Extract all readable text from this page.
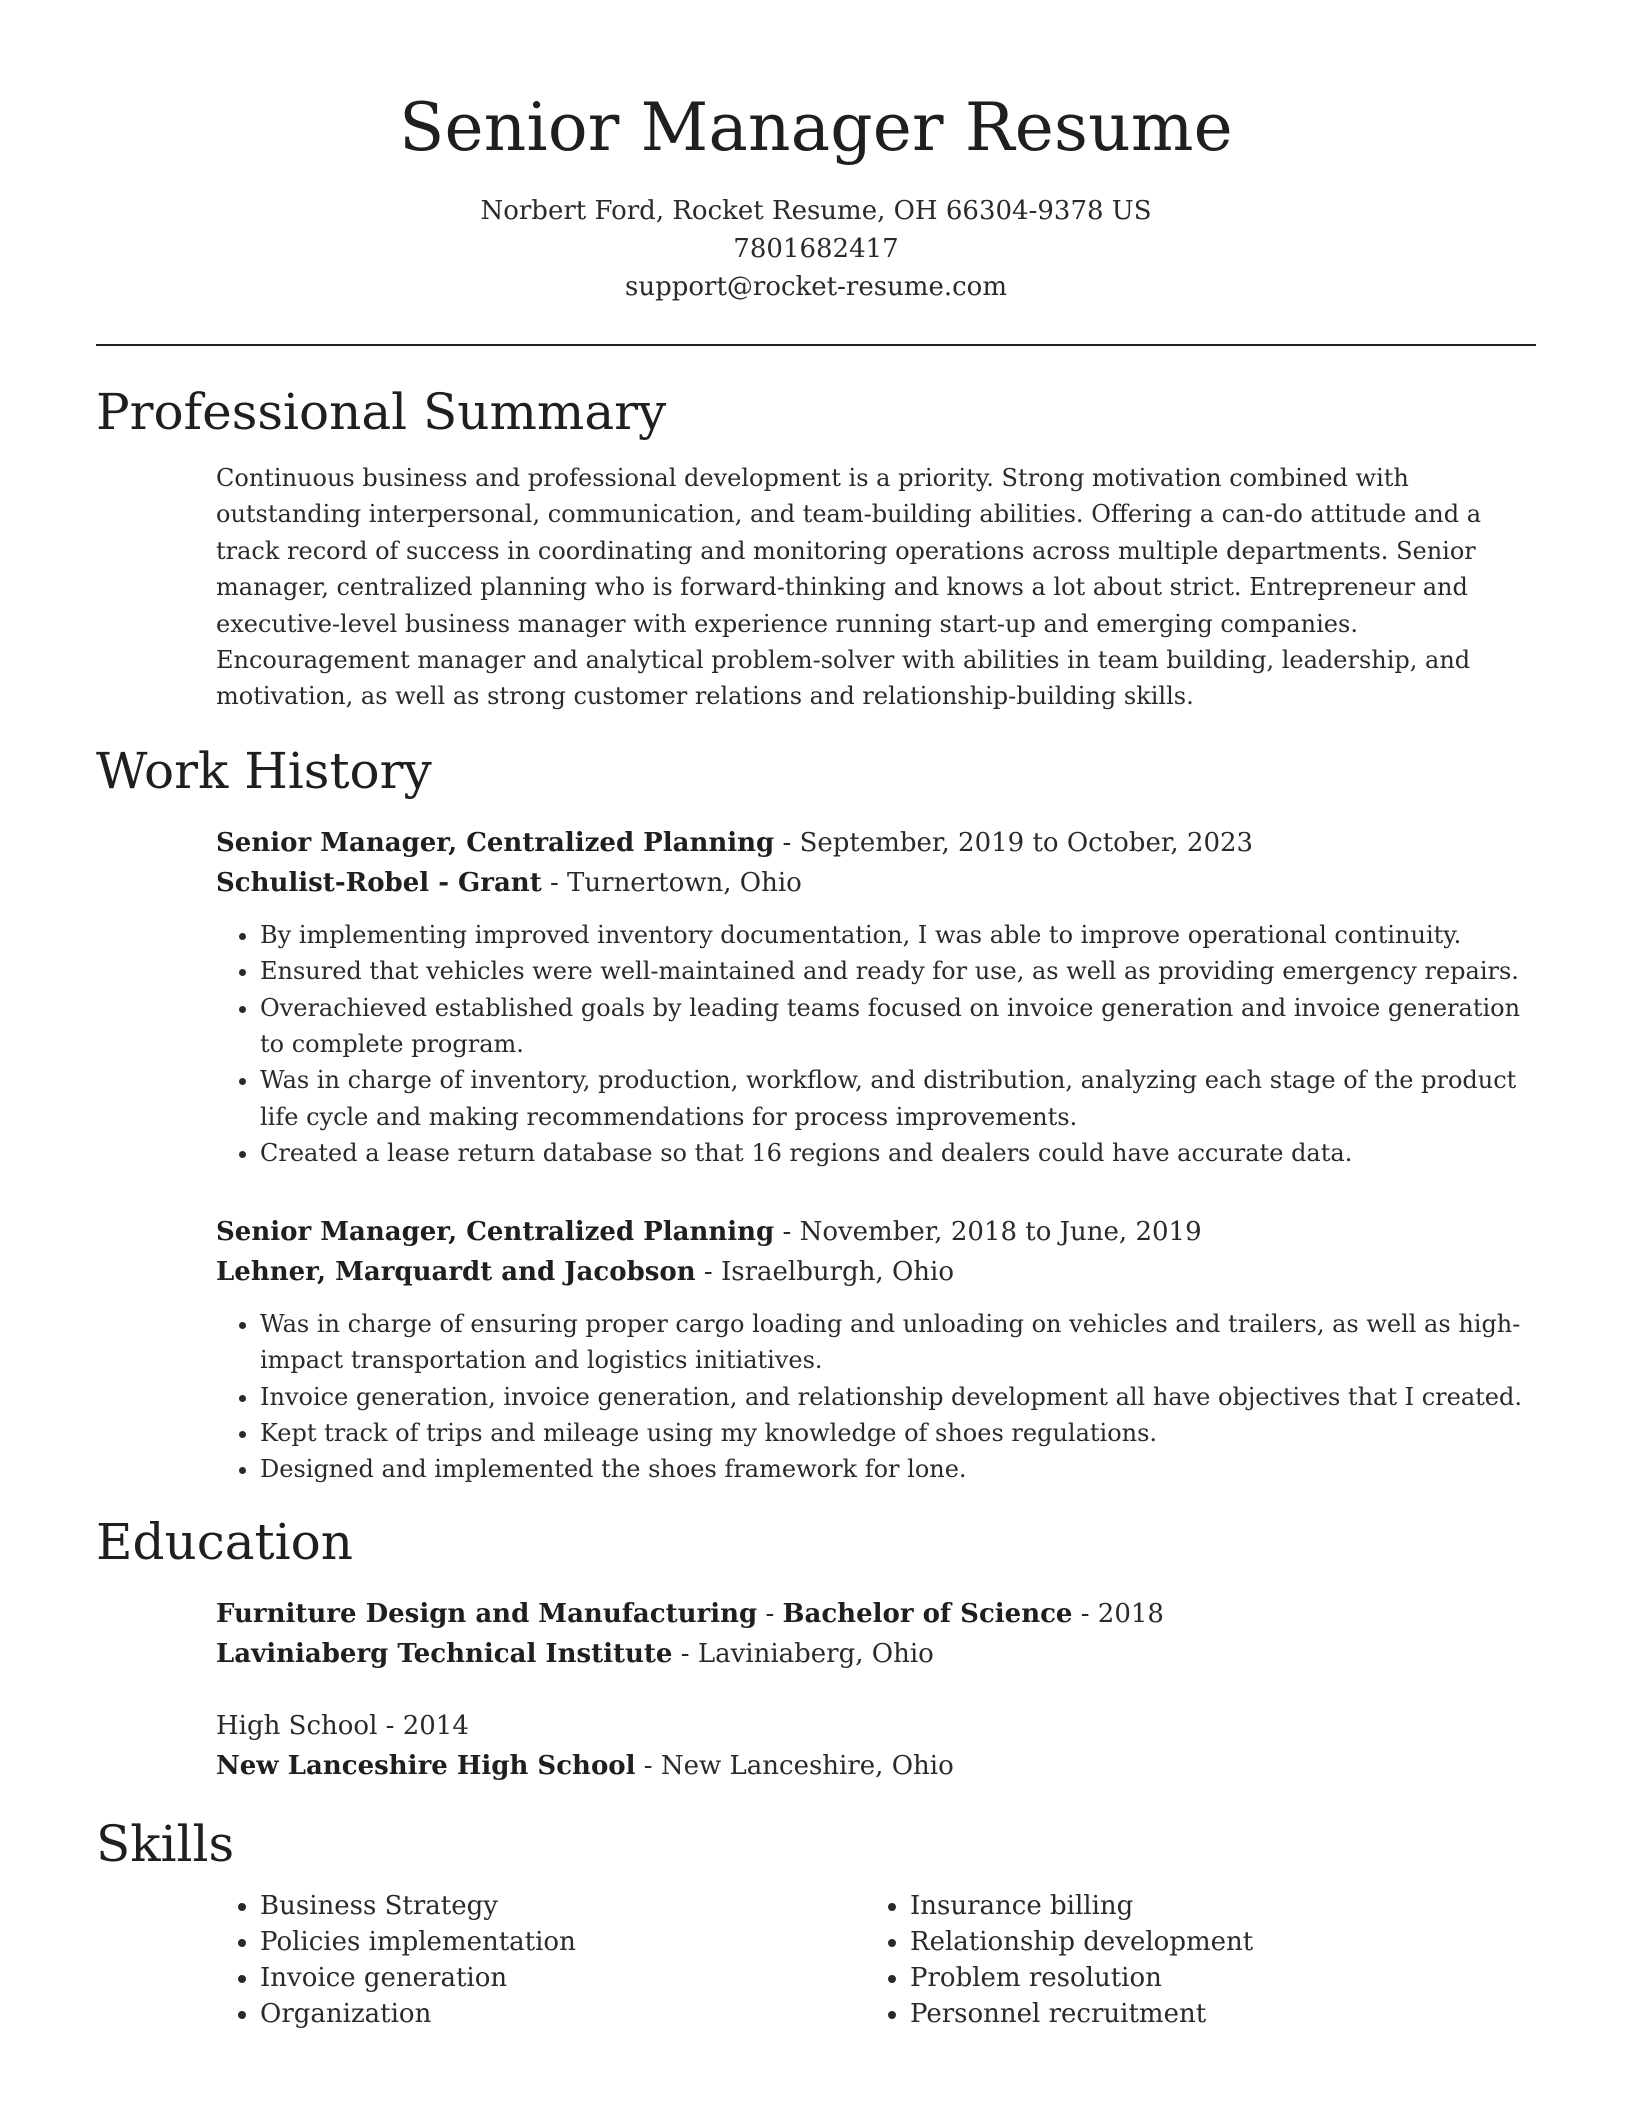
Senior Manager Resume
Norbert Ford, Rocket Resume, OH 66304-9378 US
7801682417
support@rocket-resume.com
Professional Summary

Continuous business and professional development is a priority. Strong motivation combined with outstanding interpersonal, communication, and team-building abilities. Offering a can-do attitude and a track record of success in coordinating and monitoring operations across multiple departments. Senior manager, centralized planning who is forward-thinking and knows a lot about strict. Entrepreneur and executive-level business manager with experience running start-up and emerging companies. Encouragement manager and analytical problem-solver with abilities in team building, leadership, and motivation, as well as strong customer relations and relationship-building skills.

Work History
Senior Manager, Centralized Planning - September, 2019 to October, 2023
Schulist-Robel - Grant - Turnertown, Ohio
• By implementing improved inventory documentation, I was able to improve operational continuity.
• Ensured that vehicles were well-maintained and ready for use, as well as providing emergency repairs.
• Overachieved established goals by leading teams focused on invoice generation and invoice generation to complete program.
• Was in charge of inventory, production, workflow, and distribution, analyzing each stage of the product life cycle and making recommendations for process improvements.
• Created a lease return database so that 16 regions and dealers could have accurate data.
Senior Manager, Centralized Planning - November, 2018 to June, 2019
Lehner, Marquardt and Jacobson - Israelburgh, Ohio
• Was in charge of ensuring proper cargo loading and unloading on vehicles and trailers, as well as high-impact transportation and logistics initiatives.
• Invoice generation, invoice generation, and relationship development all have objectives that I created.
• Kept track of trips and mileage using my knowledge of shoes regulations.
• Designed and implemented the shoes framework for lone.
Education
Furniture Design and Manufacturing - Bachelor of Science - 2018
Laviniaberg Technical Institute - Laviniaberg, Ohio
High School - 2014
New Lanceshire High School - New Lanceshire, Ohio
Skills
• Business Strategy
• Policies implementation
• Invoice generation
• Organization
• Insurance billing
• Relationship development
• Problem resolution
• Personnel recruitment
